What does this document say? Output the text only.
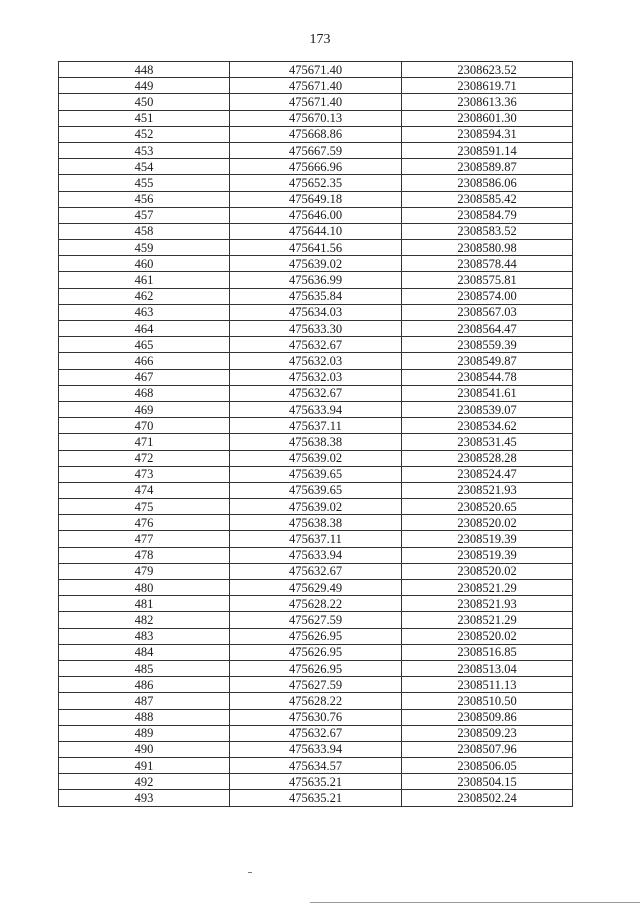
173
448	475671.40	2308623.52
449	475671.40	2308619.71
450	475671.40	2308613.36
451	475670.13	2308601.30
452	475668.86	2308594.31
453	475667.59	2308591.14
454	475666.96	2308589.87
455	475652.35	2308586.06
456	475649.18	2308585.42
457	475646.00	2308584.79
458	475644.10	2308583.52
459	475641.56	2308580.98
460	475639.02	2308578.44
461	475636.99	2308575.81
462	475635.84	2308574.00
463	475634.03	2308567.03
464	475633.30	2308564.47
465	475632.67	2308559.39
466	475632.03	2308549.87
467	475632.03	2308544.78
468	475632.67	2308541.61
469	475633.94	2308539.07
470	475637.11	2308534.62
471	475638.38	2308531.45
472	475639.02	2308528.28
473	475639.65	2308524.47
474	475639.65	2308521.93
475	475639.02	2308520.65
476	475638.38	2308520.02
477	475637.11	2308519.39
478	475633.94	2308519.39
479	475632.67	2308520.02
480	475629.49	2308521.29
481	475628.22	2308521.93
482	475627.59	2308521.29
483	475626.95	2308520.02
484	475626.95	2308516.85
485	475626.95	2308513.04
486	475627.59	2308511.13
487	475628.22	2308510.50
488	475630.76	2308509.86
489	475632.67	2308509.23
490	475633.94	2308507.96
491	475634.57	2308506.05
492	475635.21	2308504.15
493	475635.21	2308502.24
